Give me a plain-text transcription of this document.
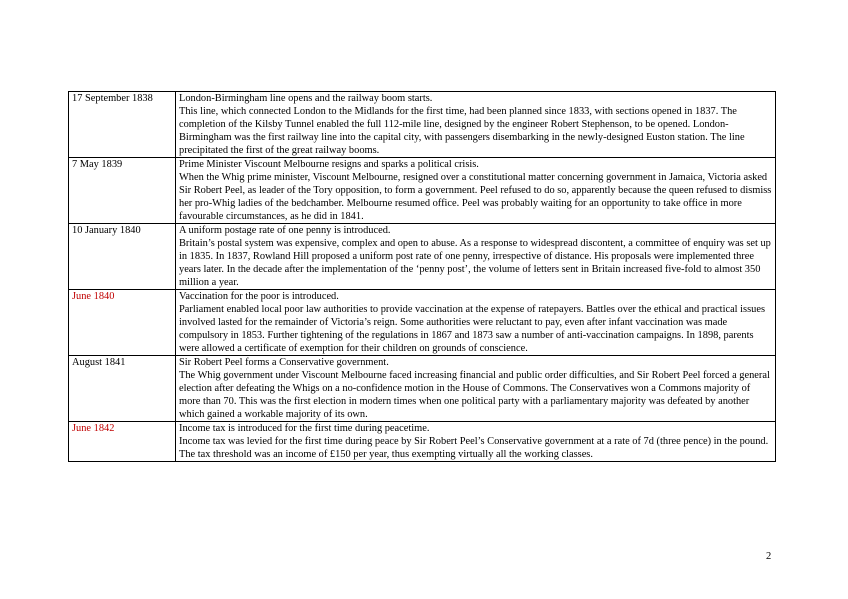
17 September 1838	London-Birmingham line opens and the railway boom starts.
This line, which connected London to the Midlands for the first time, had been planned since 1833, with sections opened in 1837. The completion of the Kilsby Tunnel enabled the full 112-mile line, designed by the engineer Robert Stephenson, to be opened. London-Birmingham was the first railway line into the capital city, with passengers disembarking in the newly-designed Euston station. The line precipitated the first of the great railway booms.

7 May 1839	Prime Minister Viscount Melbourne resigns and sparks a political crisis.
When the Whig prime minister, Viscount Melbourne, resigned over a constitutional matter concerning government in Jamaica, Victoria asked Sir Robert Peel, as leader of the Tory opposition, to form a government. Peel refused to do so, apparently because the queen refused to dismiss her pro-Whig ladies of the bedchamber. Melbourne resumed office. Peel was probably waiting for an opportunity to take office in more favourable circumstances, as he did in 1841.

10 January 1840	A uniform postage rate of one penny is introduced.
Britain’s postal system was expensive, complex and open to abuse. As a response to widespread discontent, a committee of enquiry was set up in 1835. In 1837, Rowland Hill proposed a uniform post rate of one penny, irrespective of distance. His proposals were implemented three years later. In the decade after the implementation of the ‘penny post’, the volume of letters sent in Britain increased five-fold to almost 350 million a year.

June 1840	Vaccination for the poor is introduced.
Parliament enabled local poor law authorities to provide vaccination at the expense of ratepayers. Battles over the ethical and practical issues involved lasted for the remainder of Victoria’s reign. Some authorities were reluctant to pay, even after infant vaccination was made compulsory in 1853. Further tightening of the regulations in 1867 and 1873 saw a number of anti-vaccination campaigns. In 1898, parents were allowed a certificate of exemption for their children on grounds of conscience.

August 1841	Sir Robert Peel forms a Conservative government.
The Whig government under Viscount Melbourne faced increasing financial and public order difficulties, and Sir Robert Peel forced a general election after defeating the Whigs on a no-confidence motion in the House of Commons. The Conservatives won a Commons majority of more than 70. This was the first election in modern times when one political party with a parliamentary majority was defeated by another which gained a workable majority of its own.

June 1842	Income tax is introduced for the first time during peacetime.
Income tax was levied for the first time during peace by Sir Robert Peel’s Conservative government at a rate of 7d (three pence) in the pound. The tax threshold was an income of £150 per year, thus exempting virtually all the working classes.
2
